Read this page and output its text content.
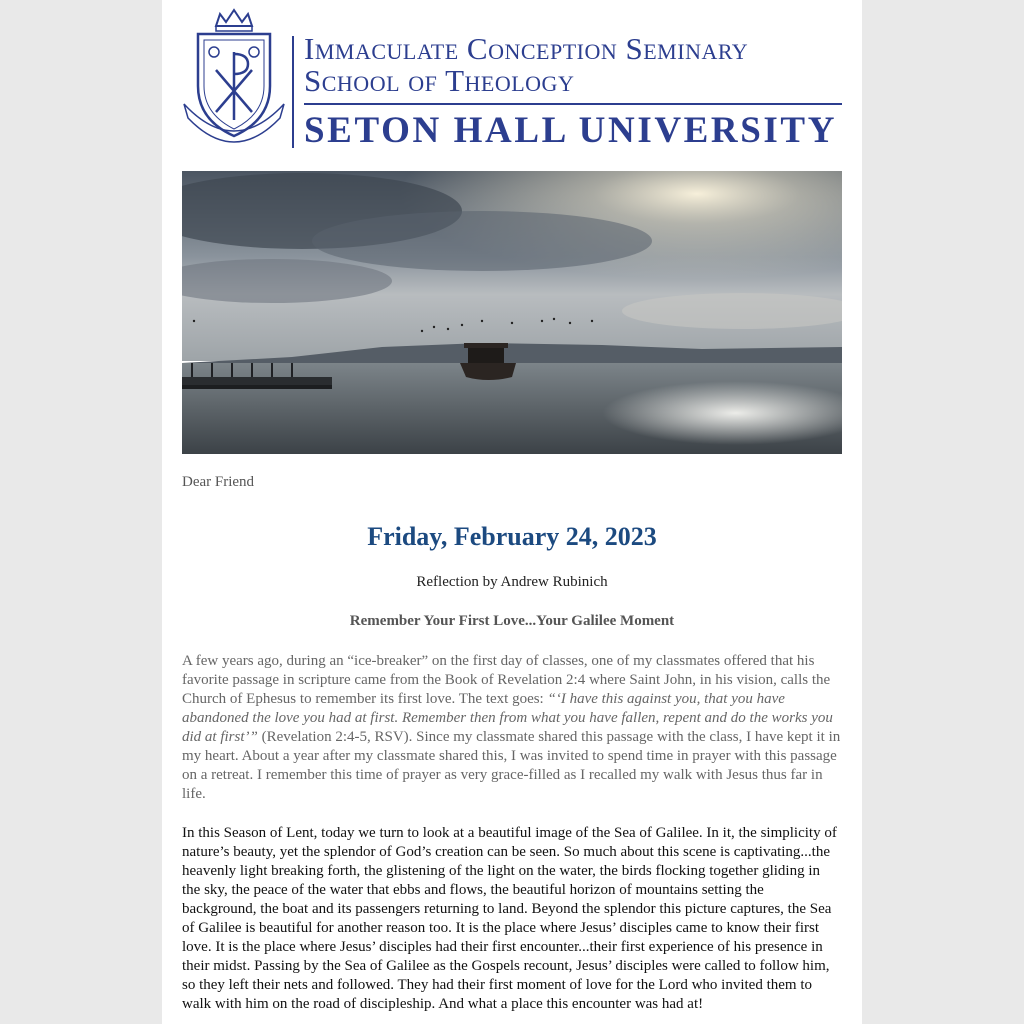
Immaculate Conception Seminary
School of Theology
SETON HALL UNIVERSITY
Dear Friend
Friday, February 24, 2023
Reflection by Andrew Rubinich
Remember Your First Love...Your Galilee Moment

A few years ago, during an “ice-breaker” on the first day of classes, one of my classmates offered that his favorite passage in scripture came from the Book of Revelation 2:4 where Saint John, in his vision, calls the Church of Ephesus to remember its first love. The text goes: “‘I have this against you, that you have abandoned the love you had at first. Remember then from what you have fallen, repent and do the works you did at first’” (Revelation 2:4-5, RSV). Since my classmate shared this passage with the class, I have kept it in my heart. About a year after my classmate shared this, I was invited to spend time in prayer with this passage on a retreat. I remember this time of prayer as very grace-filled as I recalled my walk with Jesus thus far in life.

In this Season of Lent, today we turn to look at a beautiful image of the Sea of Galilee. In it, the simplicity of nature’s beauty, yet the splendor of God’s creation can be seen. So much about this scene is captivating...the heavenly light breaking forth, the glistening of the light on the water, the birds flocking together gliding in the sky, the peace of the water that ebbs and flows, the beautiful horizon of mountains setting the background, the boat and its passengers returning to land. Beyond the splendor this picture captures, the Sea of Galilee is beautiful for another reason too. It is the place where Jesus’ disciples came to know their first love. It is the place where Jesus’ disciples had their first encounter...their first experience of his presence in their midst. Passing by the Sea of Galilee as the Gospels recount, Jesus’ disciples were called to follow him, so they left their nets and followed. They had their first moment of love for the Lord who invited them to walk with him on the road of discipleship. And what a place this encounter was had at!
